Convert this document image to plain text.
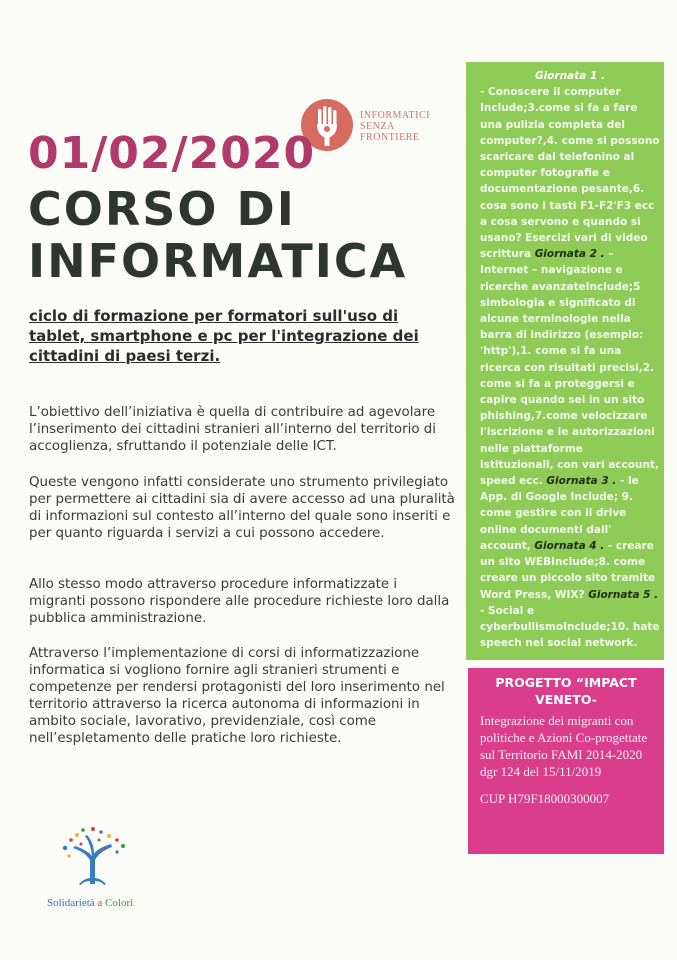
INFORMATICI
SENZA
FRONTIERE
01/02/2020
CORSO DI
INFORMATICA
ciclo di formazione per formatori sull'uso di tablet, smartphone e pc per l'integrazione dei cittadini di paesi terzi.
L’obiettivo dell’iniziativa è quella di contribuire ad agevolare l’inserimento dei cittadini stranieri all’interno del territorio di accoglienza, sfruttando il potenziale delle ICT.
Queste vengono infatti considerate uno strumento privilegiato per permettere ai cittadini sia di avere accesso ad una pluralità di informazioni sul contesto all’interno del quale sono inseriti e per quanto riguarda i servizi a cui possono accedere.
Allo stesso modo attraverso procedure informatizzate i migranti possono rispondere alle procedure richieste loro dalla pubblica amministrazione.
Attraverso l’implementazione di corsi di informatizzazione informatica si vogliono fornire agli stranieri strumenti e competenze per rendersi protagonisti del loro inserimento nel territorio attraverso la ricerca autonoma di informazioni in ambito sociale, lavorativo, previdenziale, così come nell’espletamento delle pratiche loro richieste.
Giornata 1 .
- Conoscere il computer Include;3.come si fa a fare una pulizia completa del computer?,4. come si possono scaricare dal telefonino al computer fotografie e documentazione pesante,6. cosa sono i tasti F1-F2'F3 ecc a cosa servono e quando si usano? Esercizi vari di video scrittura Giornata 2 . – Internet – navigazione e ricerche avanzateInclude;5 simbologia e significato di alcune terminologie nella barra di indirizzo (esempio: 'http'),1. come si fa una ricerca con risultati precisi,2. come si fa a proteggersi e capire quando sei in un sito phishing,7.come velocizzare l'iscrizione e le autorizzazioni nelle piattaforme istituzionali, con vari account, speed ecc. Giornata 3 . - le App. di Google Include; 9. come gestire con il drive online documenti dall' account, Giornata 4 . - creare un sito WEBInclude;8. come creare un piccolo sito tramite Word Press, WIX? Giornata 5 . - Social e cyberbullismoInclude;10. hate speech nei social network.
PROGETTO “IMPACT VENETO-
Integrazione dei migranti con politiche e Azioni Co-progettate sul Territorio FAMI 2014-2020 dgr 124 del 15/11/2019
CUP H79F18000300007
Solidarietà a Colori
